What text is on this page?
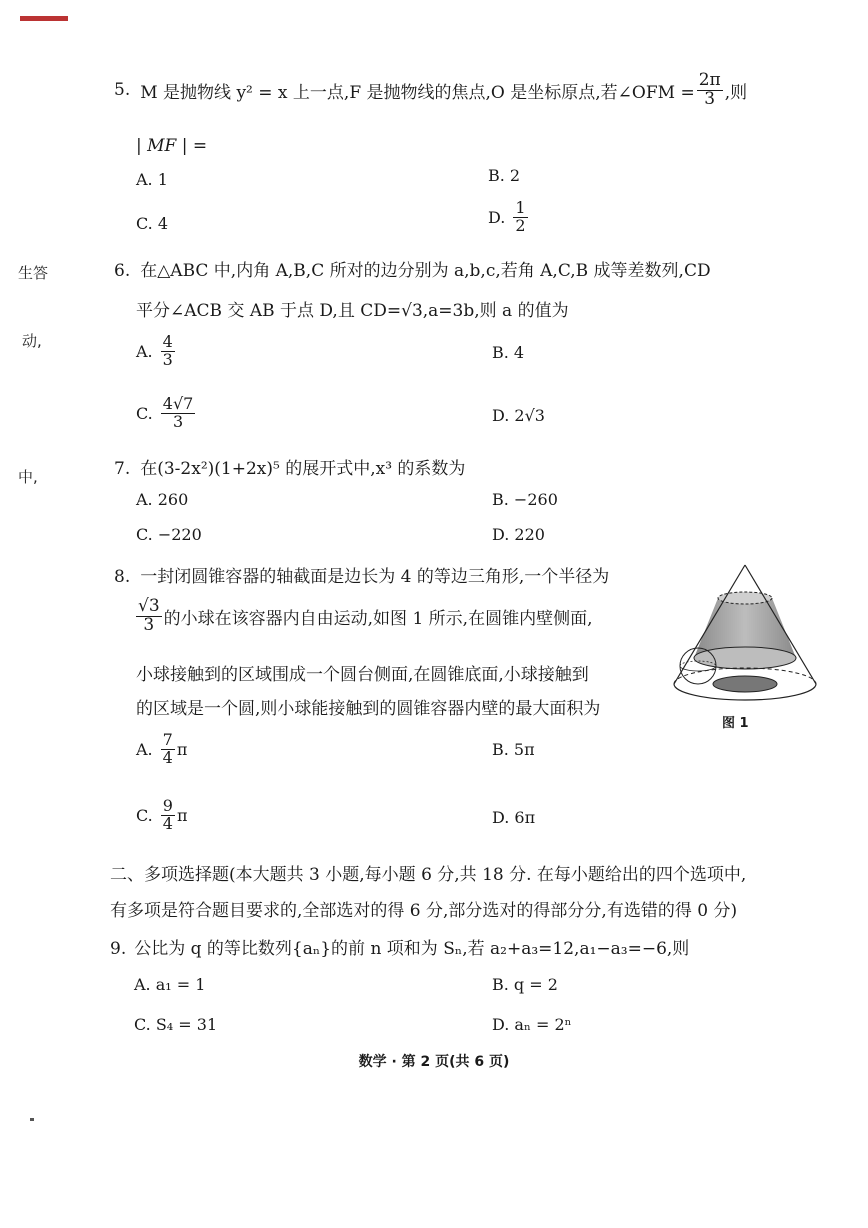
生答
动,
中,
5. M 是抛物线 y² = x 上一点,F 是抛物线的焦点,O 是坐标原点,若∠OFM = $\frac{2\pi}{3}$ ,则
| MF | =
A. 1	B. 2
C. 4	D. $\frac{1}{2}$
6. 在△ABC 中,内角 A,B,C 所对的边分别为 a,b,c,若角 A,C,B 成等差数列,CD
平分∠ACB 交 AB 于点 D,且 CD=√3,a=3b,则 a 的值为
A. $\frac{4}{3}$	B. 4
C. $\frac{4√7}{3}$	D. 2√3
7. 在(3-2x²)(1+2x)⁵ 的展开式中,x³ 的系数为
A. 260	B. −260
C. −220	D. 220
8. 一封闭圆锥容器的轴截面是边长为 4 的等边三角形,一个半径为
$\frac{√3}{3}$ 的小球在该容器内自由运动,如图 1 所示,在圆锥内壁侧面,
小球接触到的区域围成一个圆台侧面,在圆锥底面,小球接触到
的区域是一个圆,则小球能接触到的圆锥容器内壁的最大面积为
图 1
A. $\frac{7}{4}$ π	B. 5π
C. $\frac{9}{4}$ π	D. 6π
二、多项选择题(本大题共 3 小题,每小题 6 分,共 18 分. 在每小题给出的四个选项中,
有多项是符合题目要求的,全部选对的得 6 分,部分选对的得部分分,有选错的得 0 分)
9. 公比为 q 的等比数列{aₙ}的前 n 项和为 Sₙ,若 a₂+a₃=12,a₁−a₃=−6,则
A. a₁ = 1	B. q = 2
C. S₄ = 31	D. aₙ = 2ⁿ
数学 · 第 2 页(共 6 页)
